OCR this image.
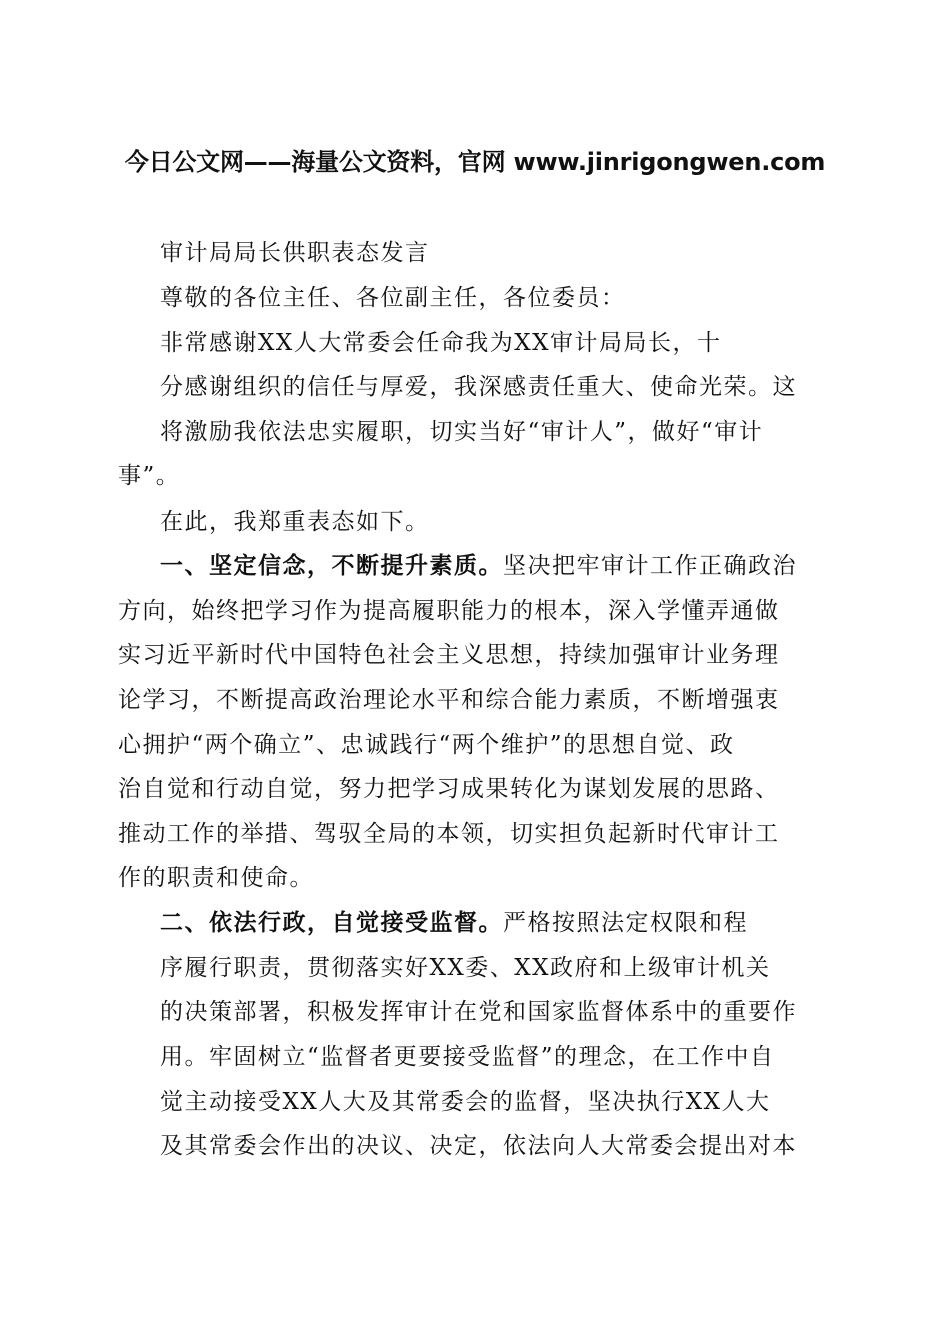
今日公文网——海量公文资料，官网 www.jinrigongwen.com
审计局局长供职表态发言
尊敬的各位主任、各位副主任，各位委员：
非常感谢XX人大常委会任命我为XX审计局局长，十
分感谢组织的信任与厚爱，我深感责任重大、使命光荣。这
将激励我依法忠实履职，切实当好“审计人”，做好“审计
事”。
在此，我郑重表态如下。
一、坚定信念，不断提升素质。坚决把牢审计工作正确政治
方向，始终把学习作为提高履职能力的根本，深入学懂弄通做
实习近平新时代中国特色社会主义思想，持续加强审计业务理
论学习，不断提高政治理论水平和综合能力素质，不断增强衷
心拥护“两个确立”、忠诚践行“两个维护”的思想自觉、政
治自觉和行动自觉，努力把学习成果转化为谋划发展的思路、
推动工作的举措、驾驭全局的本领，切实担负起新时代审计工
作的职责和使命。
二、依法行政，自觉接受监督。严格按照法定权限和程
序履行职责，贯彻落实好XX委、XX政府和上级审计机关
的决策部署，积极发挥审计在党和国家监督体系中的重要作
用。牢固树立“监督者更要接受监督”的理念，在工作中自
觉主动接受XX人大及其常委会的监督，坚决执行XX人大
及其常委会作出的决议、决定，依法向人大常委会提出对本
